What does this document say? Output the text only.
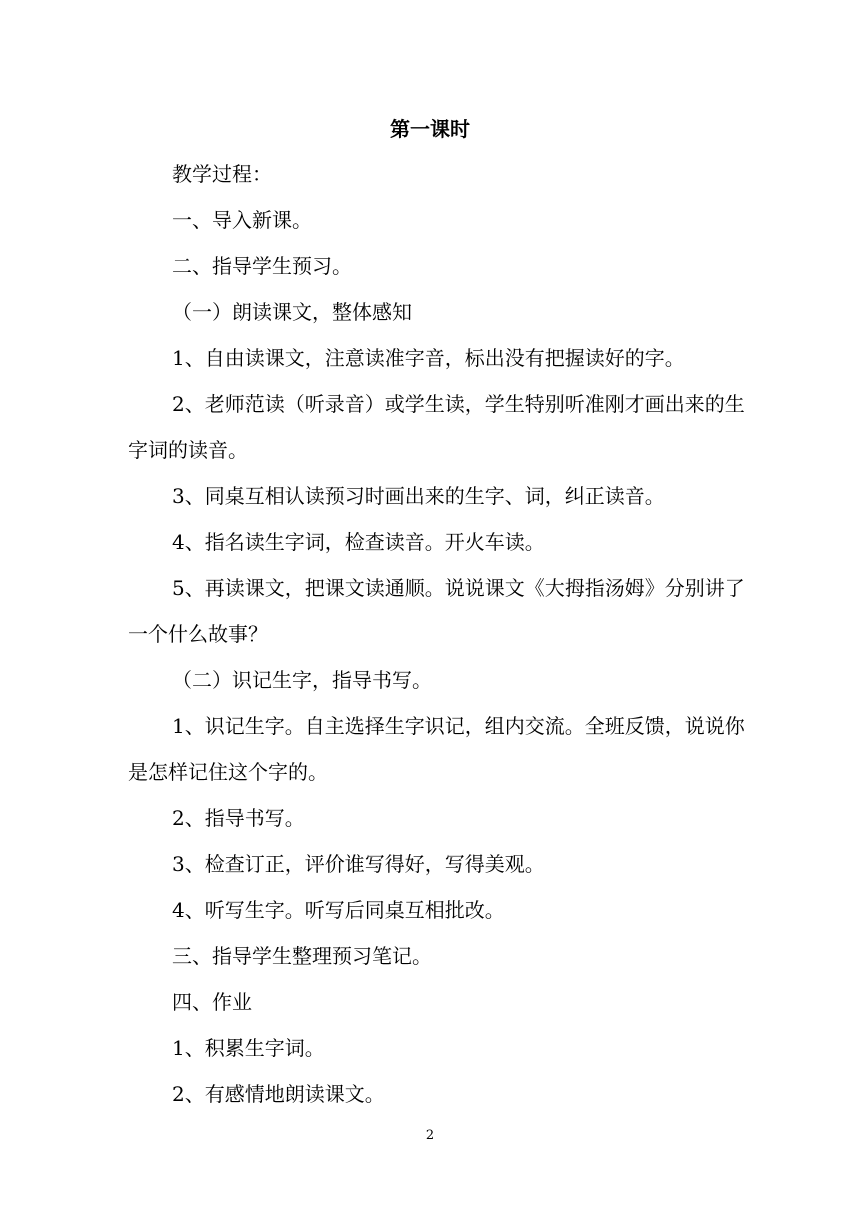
第一课时
教学过程：
一、导入新课。
二、指导学生预习。
（一）朗读课文，整体感知
1、自由读课文，注意读准字音，标出没有把握读好的字。
2、老师范读（听录音）或学生读，学生特别听准刚才画出来的生字词的读音。
3、同桌互相认读预习时画出来的生字、词，纠正读音。
4、指名读生字词，检查读音。开火车读。
5、再读课文，把课文读通顺。说说课文《大拇指汤姆》分别讲了一个什么故事？
（二）识记生字，指导书写。
1、识记生字。自主选择生字识记，组内交流。全班反馈，说说你是怎样记住这个字的。
2、指导书写。
3、检查订正，评价谁写得好，写得美观。
4、听写生字。听写后同桌互相批改。
三、指导学生整理预习笔记。
四、作业
1、积累生字词。
2、有感情地朗读课文。
2
